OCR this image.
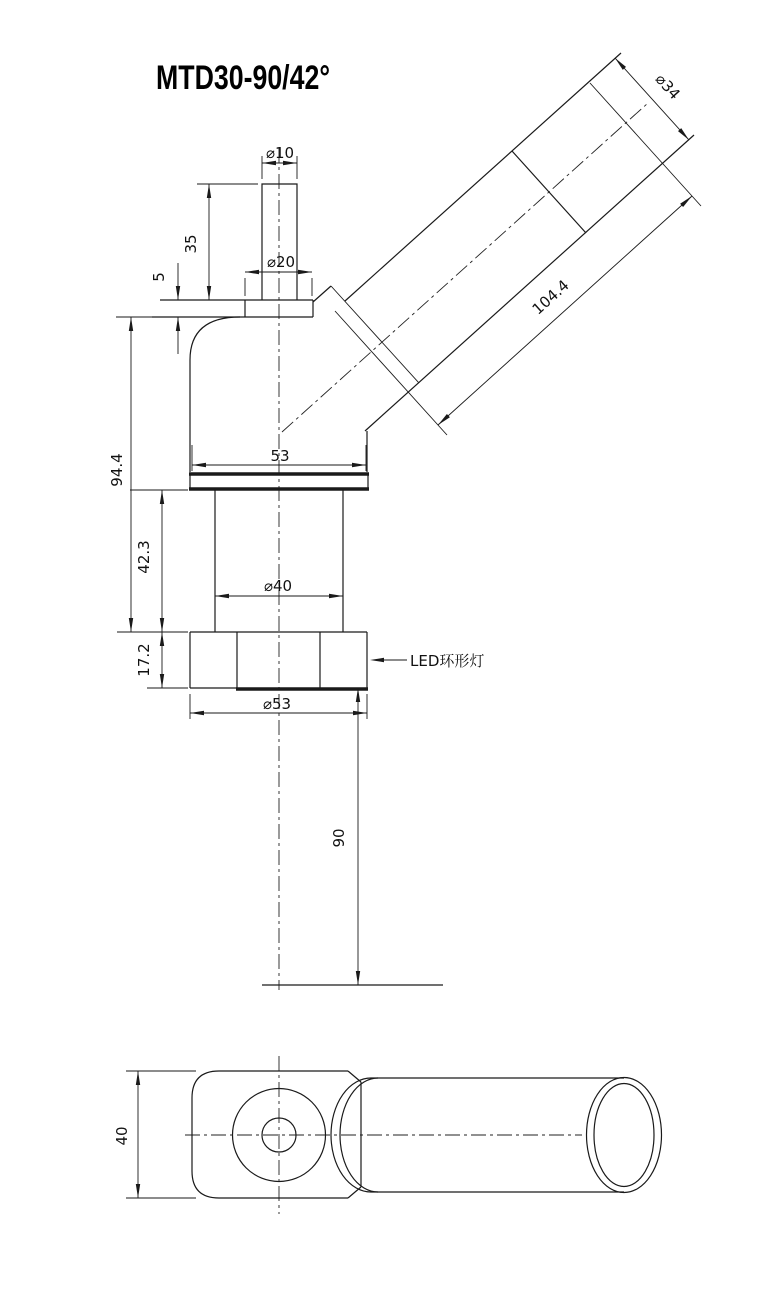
MTD30-90/42°
⌀10
35
5
⌀20
⌀34
104.4
94.4	53
42.3
⌀40
17.2	LED环形灯
⌀53
90
40
